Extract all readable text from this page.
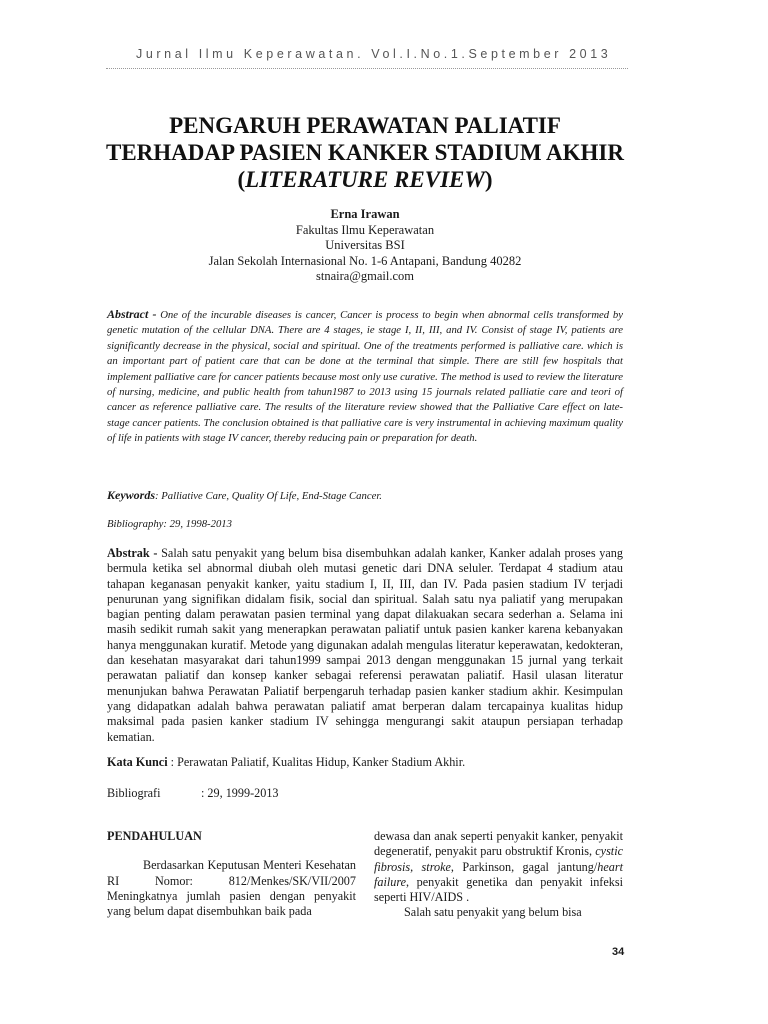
Jurnal Ilmu Keperawatan. Vol.I.No.1.September 2013
PENGARUH PERAWATAN PALIATIF
TERHADAP PASIEN KANKER STADIUM AKHIR
(LITERATURE REVIEW)
Erna Irawan
Fakultas Ilmu Keperawatan
Universitas BSI
Jalan Sekolah Internasional No. 1-6 Antapani, Bandung 40282
stnaira@gmail.com
Abstract - One of the incurable diseases is cancer, Cancer is process to begin when abnormal cells transformed by genetic mutation of the cellular DNA. There are 4 stages, ie stage I, II, III, and IV. Consist of stage IV, patients are significantly decrease in the physical, social and spiritual. One of the treatments performed is palliative care. which is an important part of patient care that can be done at the terminal that simple. There are still few hospitals that implement palliative care for cancer patients because most only use curative. The method is used to review the literature of nursing, medicine, and public health from tahun1987 to 2013 using 15 journals related palliatie care and teori of cancer as reference palliative care. The results of the literature review showed that the Palliative Care effect on late-stage cancer patients. The conclusion obtained is that palliative care is very instrumental in achieving maximum quality of life in patients with stage IV cancer, thereby reducing pain or preparation for death.
Keywords: Palliative Care, Quality Of Life, End-Stage Cancer.
Bibliography: 29, 1998-2013
Abstrak - Salah satu penyakit yang belum bisa disembuhkan adalah kanker, Kanker adalah proses yang bermula ketika sel abnormal diubah oleh mutasi genetic dari DNA seluler. Terdapat 4 stadium atau tahapan keganasan penyakit kanker, yaitu stadium I, II, III, dan IV. Pada pasien stadium IV terjadi penurunan yang signifikan didalam fisik, social dan spiritual. Salah satu nya paliatif yang merupakan bagian penting dalam perawatan pasien terminal yang dapat dilakuakan secara sederhan a. Selama ini masih sedikit rumah sakit yang menerapkan perawatan paliatif untuk pasien kanker karena kebanyakan hanya menggunakan kuratif. Metode yang digunakan adalah mengulas literatur keperawatan, kedokteran, dan kesehatan masyarakat dari tahun1999 sampai 2013 dengan menggunakan 15 jurnal yang terkait perawatan paliatif dan konsep kanker sebagai referensi perawatan paliatif. Hasil ulasan literatur menunjukan bahwa Perawatan Paliatif berpengaruh terhadap pasien kanker stadium akhir. Kesimpulan yang didapatkan adalah bahwa perawatan paliatif amat berperan dalam tercapainya kualitas hidup maksimal pada pasien kanker stadium IV sehingga mengurangi sakit ataupun persiapan terhadap kematian.
Kata Kunci : Perawatan Paliatif, Kualitas Hidup, Kanker Stadium Akhir.
Bibliografi	: 29, 1999-2013
PENDAHULUAN
Berdasarkan Keputusan Menteri Kesehatan RI Nomor: 812/Menkes/SK/VII/2007 Meningkatnya jumlah pasien dengan penyakit yang belum dapat disembuhkan baik pada
dewasa dan anak seperti penyakit kanker, penyakit degeneratif, penyakit paru obstruktif Kronis, cystic fibrosis, stroke, Parkinson, gagal jantung/heart failure, penyakit genetika dan penyakit infeksi seperti HIV/AIDS .
Salah satu penyakit yang belum bisa
34
